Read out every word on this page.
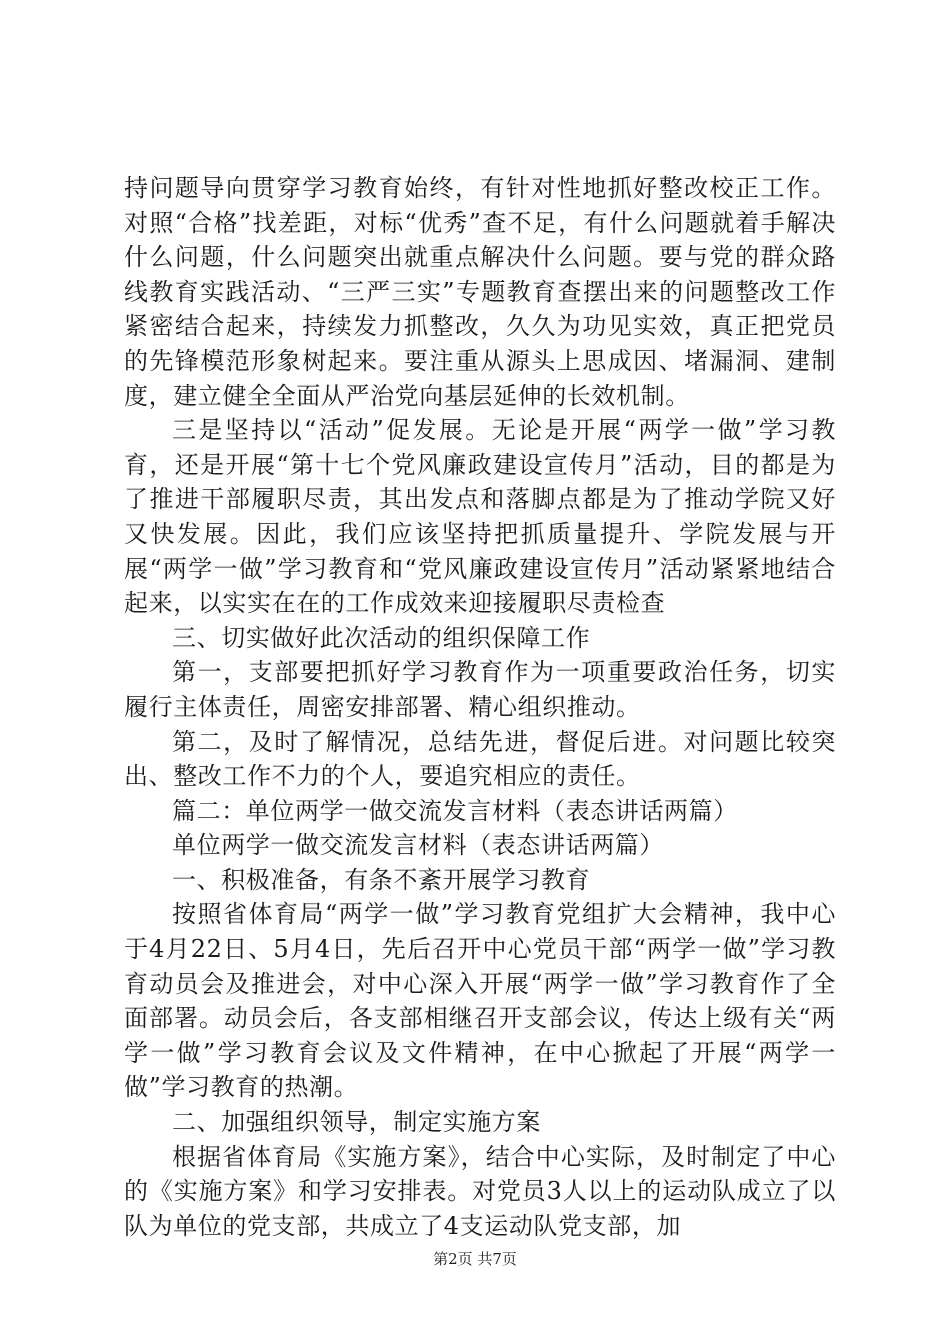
持问题导向贯穿学习教育始终，有针对性地抓好整改校正工作。对照“合格”找差距，对标“优秀”查不足，有什么问题就着手解决什么问题，什么问题突出就重点解决什么问题。要与党的群众路线教育实践活动、“三严三实”专题教育查摆出来的问题整改工作紧密结合起来，持续发力抓整改，久久为功见实效，真正把党员的先锋模范形象树起来。要注重从源头上思成因、堵漏洞、建制度，建立健全全面从严治党向基层延伸的长效机制。

三是坚持以“活动”促发展。无论是开展“两学一做”学习教育，还是开展“第十七个党风廉政建设宣传月”活动，目的都是为了推进干部履职尽责，其出发点和落脚点都是为了推动学院又好又快发展。因此，我们应该坚持把抓质量提升、学院发展与开展“两学一做”学习教育和“党风廉政建设宣传月”活动紧紧地结合起来，以实实在在的工作成效来迎接履职尽责检查

三、切实做好此次活动的组织保障工作

第一，支部要把抓好学习教育作为一项重要政治任务，切实履行主体责任，周密安排部署、精心组织推动。

第二，及时了解情况，总结先进，督促后进。对问题比较突出、整改工作不力的个人，要追究相应的责任。

篇二：单位两学一做交流发言材料（表态讲话两篇）

单位两学一做交流发言材料（表态讲话两篇）

一、积极准备，有条不紊开展学习教育

按照省体育局“两学一做”学习教育党组扩大会精神，我中心于4月22日、5月4日，先后召开中心党员干部“两学一做”学习教育动员会及推进会，对中心深入开展“两学一做”学习教育作了全面部署。动员会后，各支部相继召开支部会议，传达上级有关“两学一做”学习教育会议及文件精神，在中心掀起了开展“两学一做”学习教育的热潮。

二、加强组织领导，制定实施方案

根据省体育局《实施方案》，结合中心实际，及时制定了中心的《实施方案》和学习安排表。对党员3人以上的运动队成立了以队为单位的党支部，共成立了4支运动队党支部，加

第2页 共7页
